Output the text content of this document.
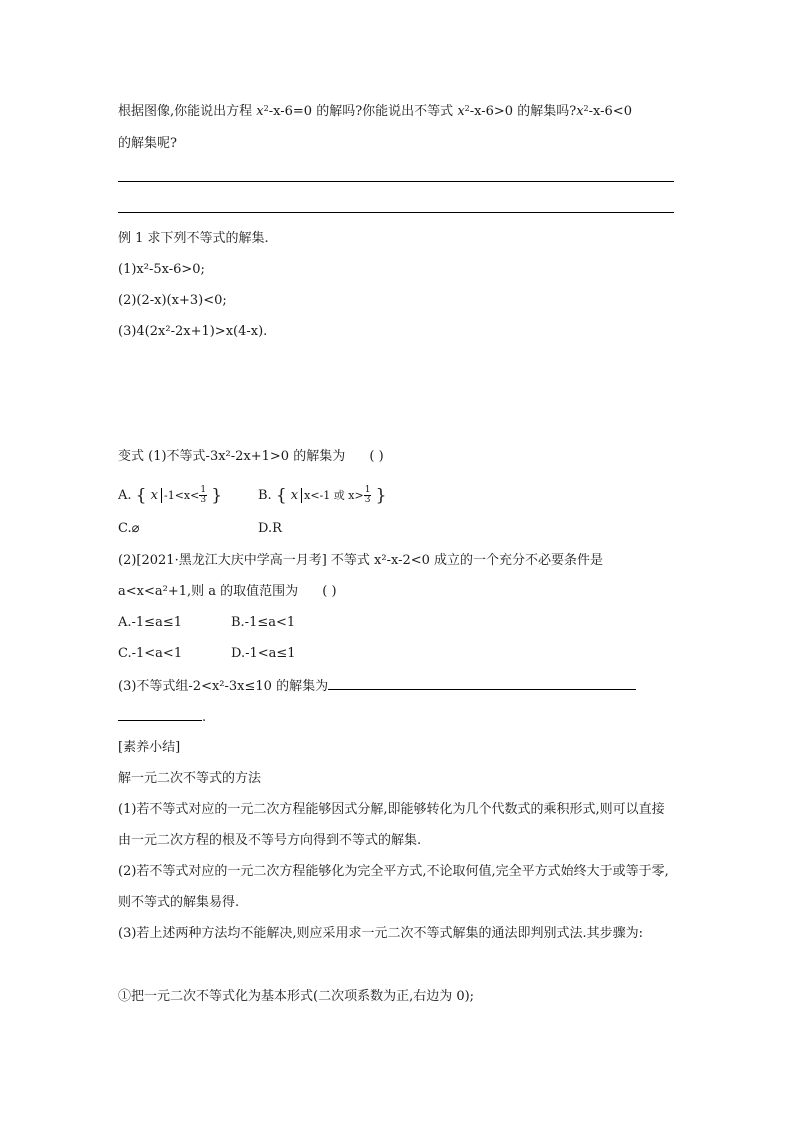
根据图像,你能说出方程 $x^2-x-6=0$ 的解吗?你能说出不等式 $x^2-x-6>0$ 的解集吗$?x^2-x-6<0$
的解集呢?
例 1 求下列不等式的解集.
(1)x²-5x-6>0;
(2)(2-x)(x+3)<0;
(3)4(2x²-2x+1)>x(4-x).
变式 (1)不等式-3x²-2x+1>0 的解集为 ( )
A. { x $-1<x< \frac{1}{3}$ }	B. { x x<-1 或 $x> \frac{1}{3}$ }
C.⌀	D.R
(2)[2021·黑龙江大庆中学高一月考] 不等式 x²-x-2<0 成立的一个充分不必要条件是
a<x<a²+1,则 a 的取值范围为 ( )
A.-1≤a≤1	B.-1≤a<1
C.-1<a<1	D.-1<a≤1
(3)不等式组-2<x²-3x≤10 的解集为
.
[素养小结]
解一元二次不等式的方法
(1)若不等式对应的一元二次方程能够因式分解,即能够转化为几个代数式的乘积形式,则可以直接由一元二次方程的根及不等号方向得到不等式的解集.
(2)若不等式对应的一元二次方程能够化为完全平方式,不论取何值,完全平方式始终大于或等于零,则不等式的解集易得.
(3)若上述两种方法均不能解决,则应采用求一元二次不等式解集的通法即判别式法.其步骤为:
①把一元二次不等式化为基本形式(二次项系数为正,右边为 0);
